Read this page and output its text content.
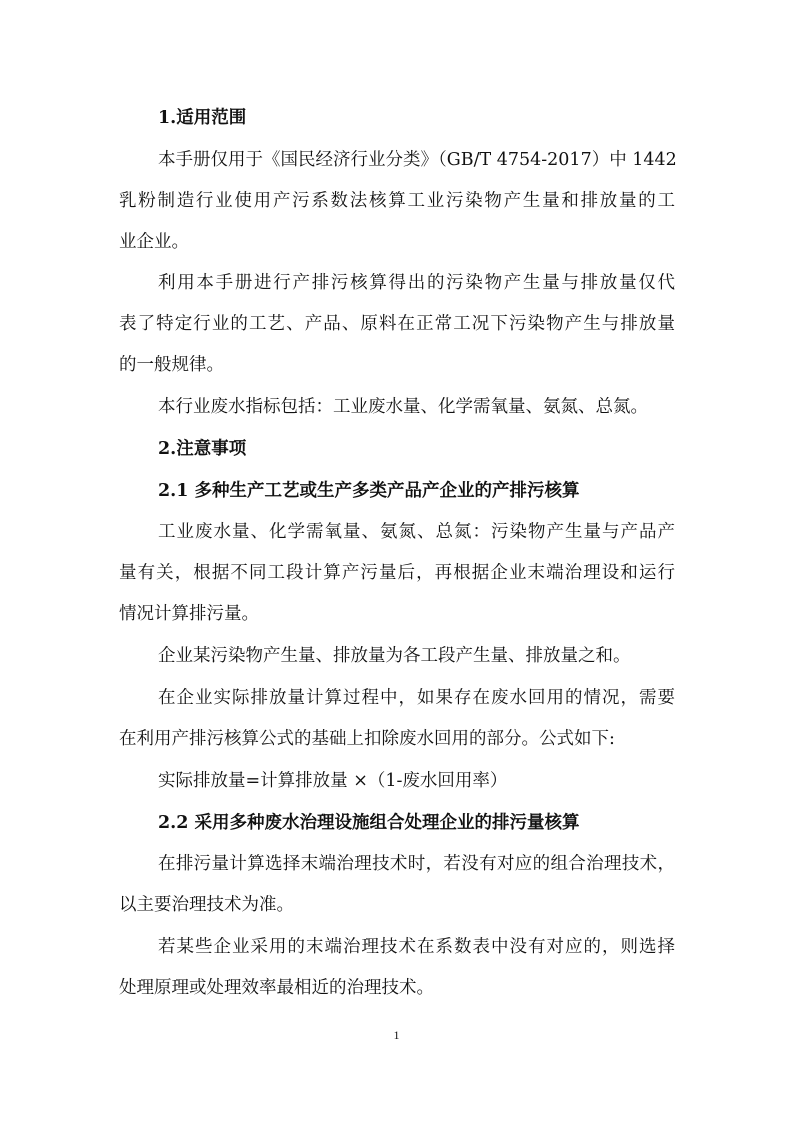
1.适用范围
本手册仅用于《国民经济行业分类》（GB/T 4754-2017）中 1442
乳粉制造行业使用产污系数法核算工业污染物产生量和排放量的工
业企业。
利用本手册进行产排污核算得出的污染物产生量与排放量仅代
表了特定行业的工艺、产品、原料在正常工况下污染物产生与排放量
的一般规律。
本行业废水指标包括：工业废水量、化学需氧量、氨氮、总氮。
2.注意事项
2.1 多种生产工艺或生产多类产品产企业的产排污核算
工业废水量、化学需氧量、氨氮、总氮：污染物产生量与产品产
量有关，根据不同工段计算产污量后，再根据企业末端治理设和运行
情况计算排污量。
企业某污染物产生量、排放量为各工段产生量、排放量之和。
在企业实际排放量计算过程中，如果存在废水回用的情况，需要
在利用产排污核算公式的基础上扣除废水回用的部分。公式如下:
实际排放量=计算排放量 ×（1-废水回用率）
2.2 采用多种废水治理设施组合处理企业的排污量核算
在排污量计算选择末端治理技术时，若没有对应的组合治理技术，
以主要治理技术为准。
若某些企业采用的末端治理技术在系数表中没有对应的，则选择
处理原理或处理效率最相近的治理技术。
1
